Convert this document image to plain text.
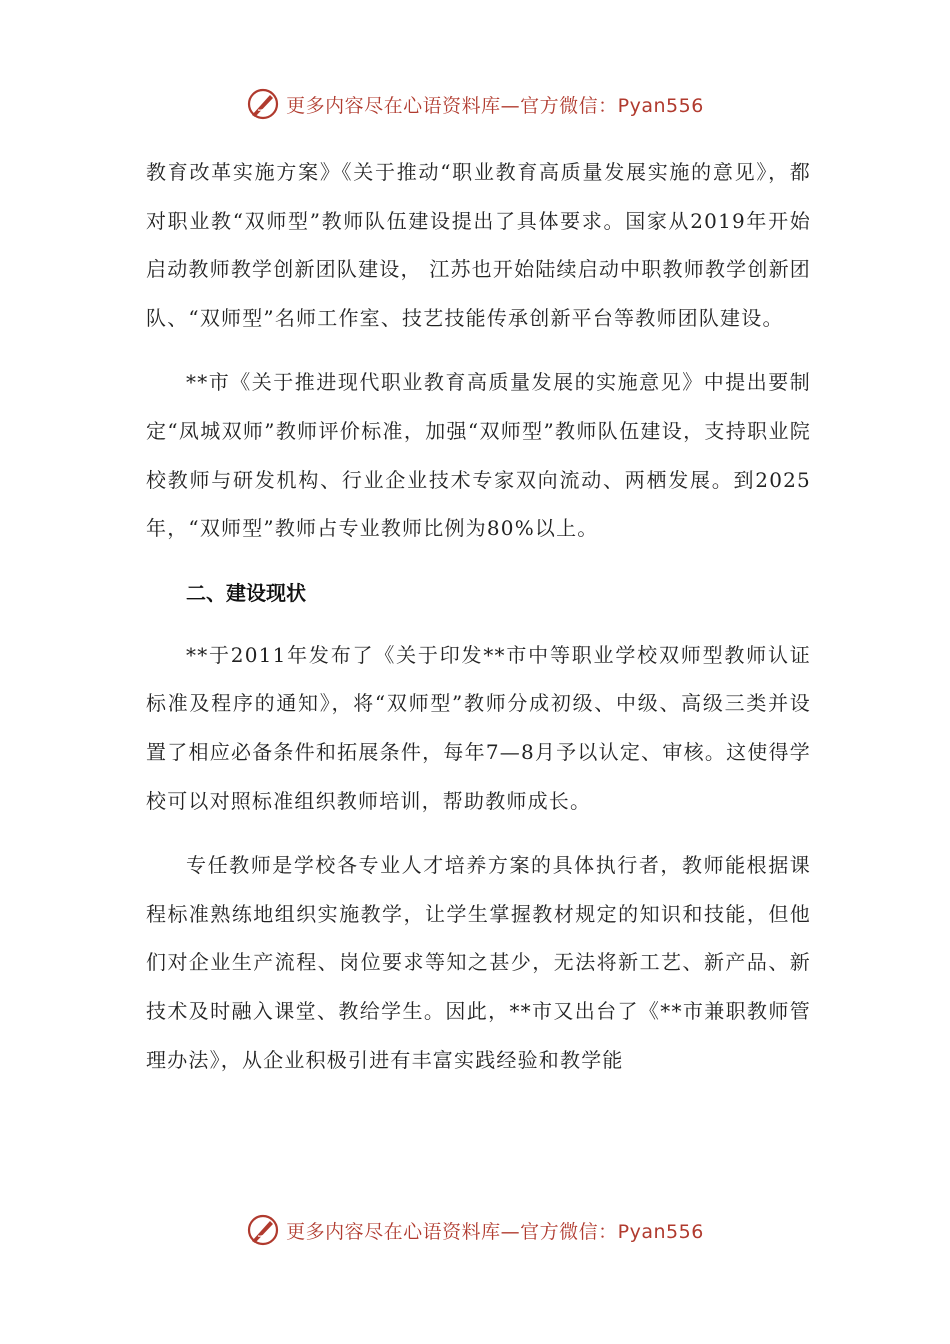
更多内容尽在心语资料库—官方微信：Pyan556

教育改革实施方案》《关于推动“职业教育高质量发展实施的意见》，都对职业教“双师型”教师队伍建设提出了具体要求。国家从2019年开始启动教师教学创新团队建设， 江苏也开始陆续启动中职教师教学创新团队、“双师型”名师工作室、技艺技能传承创新平台等教师团队建设。

**市《关于推进现代职业教育高质量发展的实施意见》中提出要制定“凤城双师”教师评价标准，加强“双师型”教师队伍建设，支持职业院校教师与研发机构、行业企业技术专家双向流动、两栖发展。到2025年，“双师型”教师占专业教师比例为80%以上。

二、建设现状

**于2011年发布了《关于印发**市中等职业学校双师型教师认证标准及程序的通知》，将“双师型”教师分成初级、中级、高级三类并设置了相应必备条件和拓展条件，每年7—8月予以认定、审核。这使得学校可以对照标准组织教师培训，帮助教师成长。

专任教师是学校各专业人才培养方案的具体执行者，教师能根据课程标准熟练地组织实施教学，让学生掌握教材规定的知识和技能，但他们对企业生产流程、岗位要求等知之甚少，无法将新工艺、新产品、新技术及时融入课堂、教给学生。因此，**市又出台了《**市兼职教师管理办法》，从企业积极引进有丰富实践经验和教学能

更多内容尽在心语资料库—官方微信：Pyan556
